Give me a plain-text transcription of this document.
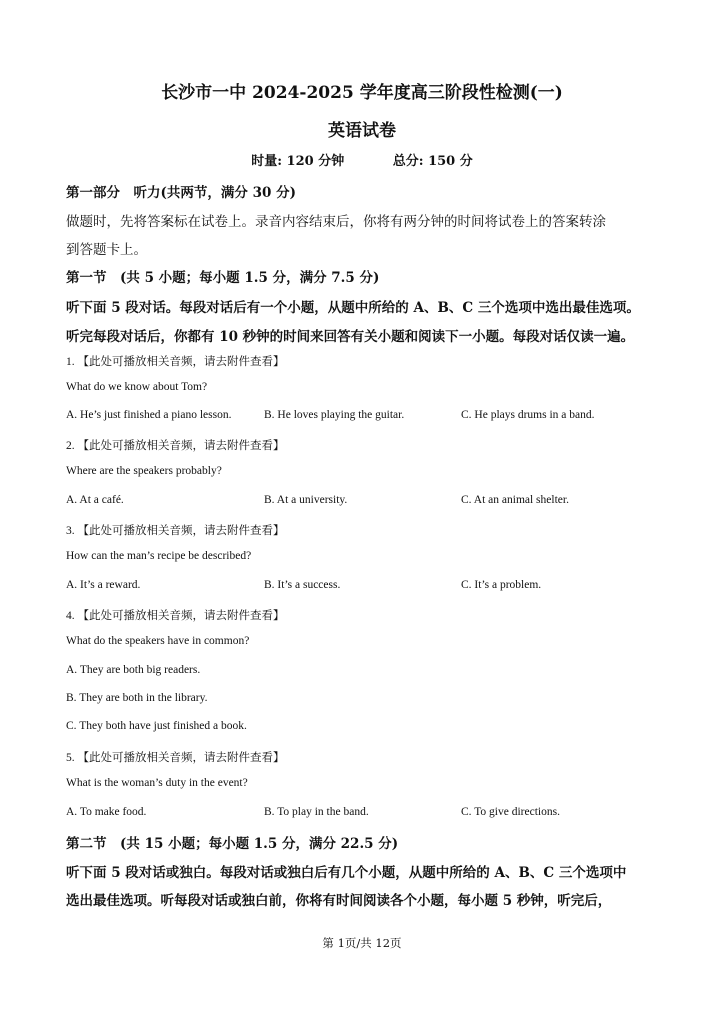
长沙市一中 2024-2025 学年度高三阶段性检测(一)
英语试卷
时量: 120 分钟	总分: 150 分
第一部分　听力(共两节，满分 30 分)
做题时，先将答案标在试卷上。录音内容结束后，你将有两分钟的时间将试卷上的答案转涂
到答题卡上。
第一节　(共 5 小题；每小题 1.5 分，满分 7.5 分)
听下面 5 段对话。每段对话后有一个小题，从题中所给的 A、B、C 三个选项中选出最佳选项。
听完每段对话后，你都有 10 秒钟的时间来回答有关小题和阅读下一小题。每段对话仅读一遍。
1. 【此处可播放相关音频，请去附件查看】
What do we know about Tom?
A. He’s just finished a piano lesson.	B. He loves playing the guitar.	C. He plays drums in a band.
2. 【此处可播放相关音频，请去附件查看】
Where are the speakers probably?
A. At a café.	B. At a university.	C. At an animal shelter.
3. 【此处可播放相关音频，请去附件查看】
How can the man’s recipe be described?
A. It’s a reward.	B. It’s a success.	C. It’s a problem.
4. 【此处可播放相关音频，请去附件查看】
What do the speakers have in common?
A. They are both big readers.
B. They are both in the library.
C. They both have just finished a book.
5. 【此处可播放相关音频，请去附件查看】
What is the woman’s duty in the event?
A. To make food.	B. To play in the band.	C. To give directions.
第二节　(共 15 小题；每小题 1.5 分，满分 22.5 分)
听下面 5 段对话或独白。每段对话或独白后有几个小题，从题中所给的 A、B、C 三个选项中
选出最佳选项。听每段对话或独白前，你将有时间阅读各个小题，每小题 5 秒钟，听完后，
第 1页/共 12页
